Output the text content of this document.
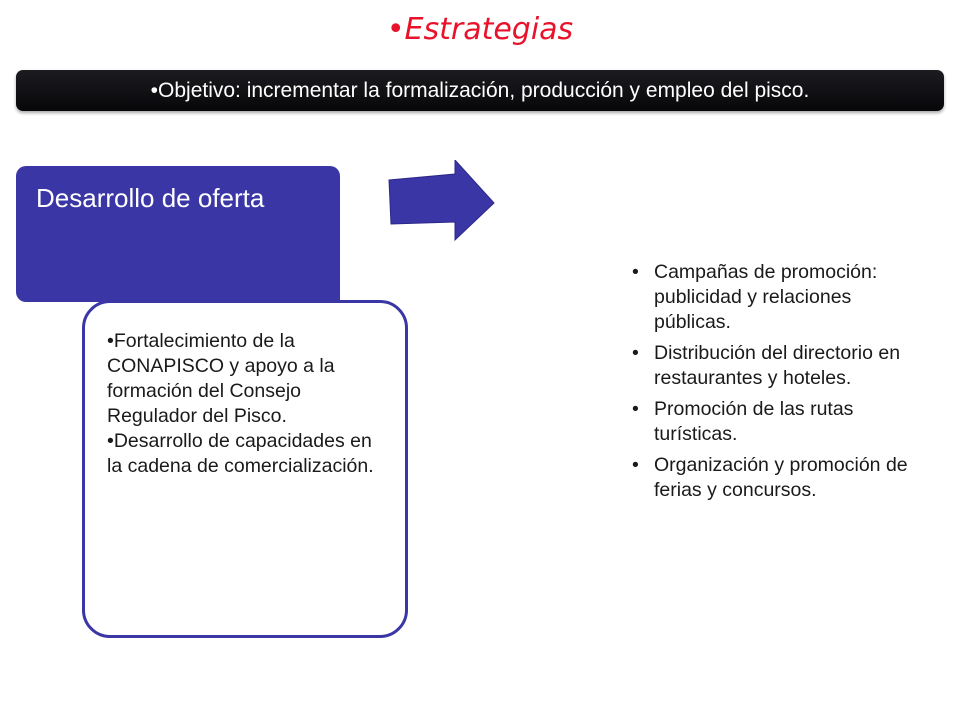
•Estrategias
•Objetivo: incrementar la formalización, producción y empleo del pisco.
Desarrollo de oferta

•Fortalecimiento de la CONAPISCO y apoyo a la formación del Consejo Regulador del Pisco.

•Desarrollo de capacidades en la cadena de comercialización.

• Campañas de promoción: publicidad y relaciones públicas.
• Distribución del directorio en restaurantes y hoteles.
• Promoción de las rutas turísticas.
• Organización y promoción de ferias y concursos.
